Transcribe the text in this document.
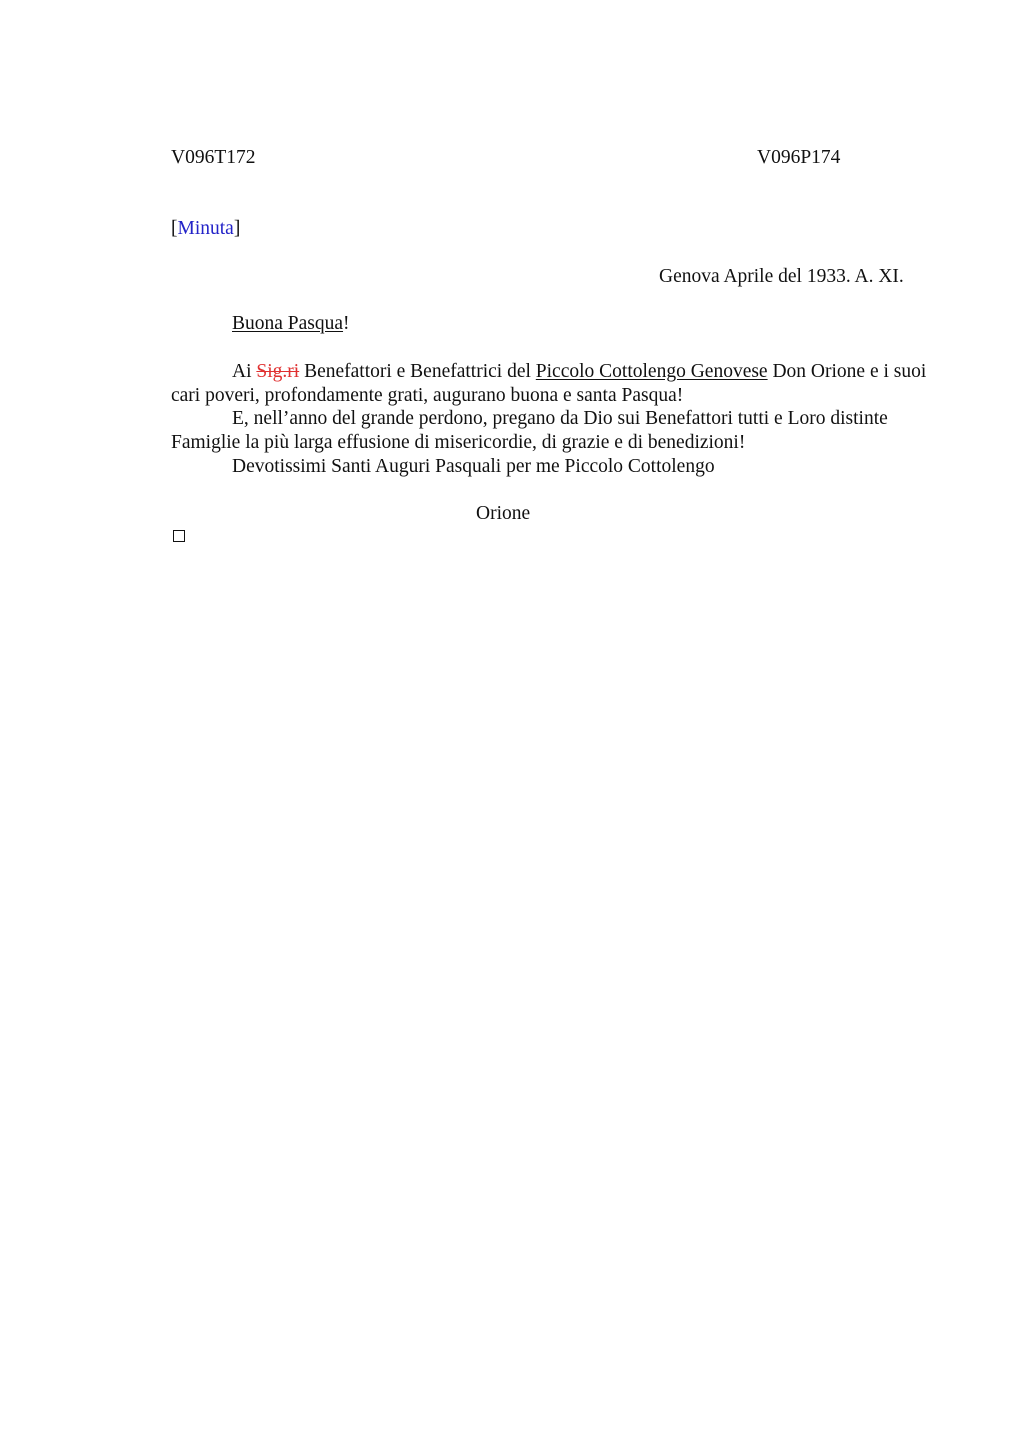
V096T172	V096P174
[Minuta]
Genova Aprile del 1933. A. XI.
Buona Pasqua!

Ai Sig.ri Benefattori e Benefattrici del Piccolo Cottolengo Genovese Don Orione e i suoi cari poveri, profondamente grati, augurano buona e santa Pasqua!

E, nell’anno del grande perdono, pregano da Dio sui Benefattori tutti e Loro distinte Famiglie la più larga effusione di misericordie, di grazie e di benedizioni!

Devotissimi Santi Auguri Pasquali per me Piccolo Cottolengo

Orione
